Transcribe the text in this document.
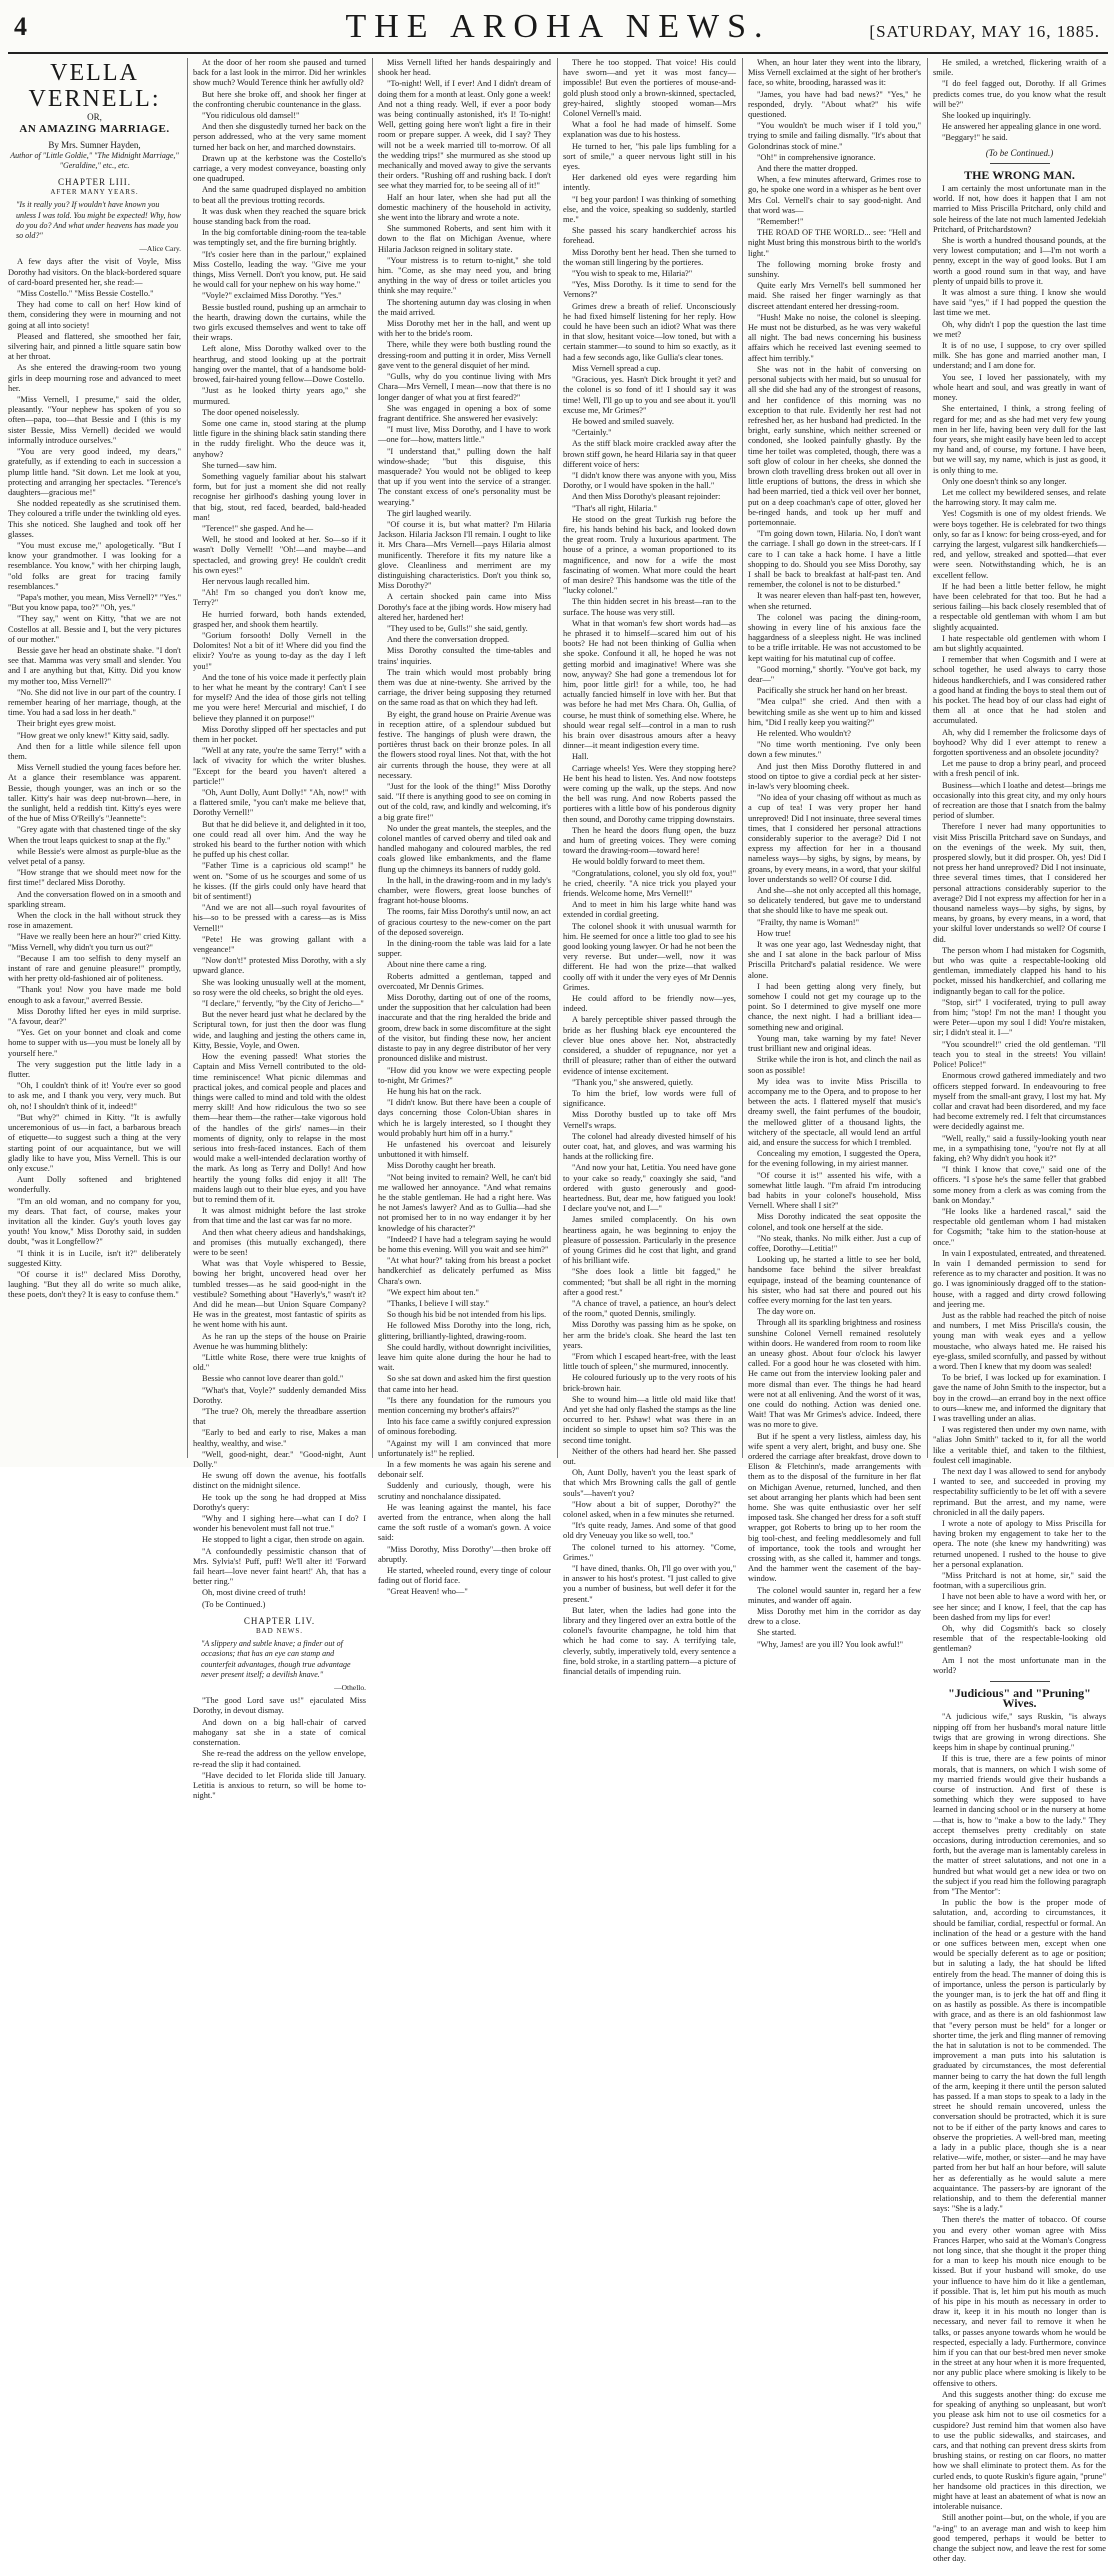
4	THE AROHA NEWS.	[SATURDAY, MAY 16, 1885.
VELLA VERNELL:
OR,
AN AMAZING MARRIAGE.
By Mrs. Sumner Hayden,
Author of "Little Goldie," "The Midnight Marriage," "Geraldine," etc., etc.
CHAPTER LIII.
AFTER MANY YEARS.
"Is it really you? If wouldn't have known you unless I was told. You might be expected! Why, how do you do? And what under heavens has made you so old?"
—Alice Cary.

A few days after the visit of Voyle, Miss Dorothy had visitors. On the black-bordered square of card-board presented her, she read:—

"Miss Costello." "Miss Bessie Costello."

They had come to call on her! How kind of them, considering they were in mourning and not going at all into society!

Pleased and flattered, she smoothed her fair, silvering hair, and pinned a little square satin bow at her throat.

As she entered the drawing-room two young girls in deep mourning rose and advanced to meet her.

"Miss Vernell, I presume," said the older, pleasantly. "Your nephew has spoken of you so often—papa, too—that Bessie and I (this is my sister Bessie, Miss Vernell) decided we would informally introduce ourselves."

"You are very good indeed, my dears," gratefully, as if extending to each in succession a plump little hand. "Sit down. Let me look at you, protecting and arranging her spectacles. "Terence's daughters—gracious me!"

She nodded repeatedly as she scrutinised them. They coloured a trifle under the twinkling old eyes. This she noticed. She laughed and took off her glasses.

"You must excuse me," apologetically. "But I know your grandmother. I was looking for a resemblance. You know," with her chirping laugh, "old folks are great for tracing family resemblances."

"Papa's mother, you mean, Miss Vernell?" "Yes." "But you know papa, too?" "Oh, yes."

"They say," went on Kitty, "that we are not Costellos at all. Bessie and I, but the very pictures of our mother."

Bessie gave her head an obstinate shake. "I don't see that. Mamma was very small and slender. You and I are anything but that, Kitty. Did you know my mother too, Miss Vernell?"

"No. She did not live in our part of the country. I remember hearing of her marriage, though, at the time. You had a sad loss in her death."

Their bright eyes grew moist.

"How great we only knew!" Kitty said, sadly.

And then for a little while silence fell upon them.

Miss Vernell studied the young faces before her. At a glance their resemblance was apparent. Bessie, though younger, was an inch or so the taller. Kitty's hair was deep nut-brown—here, in the sunlight, held a reddish tint. Kitty's eyes were of the hue of Miss O'Reilly's "Jeannette":

"Grey agate with that chastened tinge of the sky When the trout leaps quickest to snap at the fly."

while Bessie's were almost as purple-blue as the velvet petal of a pansy.

"How strange that we should meet now for the first time!" declared Miss Dorothy.

And the conversation flowed on in a smooth and sparkling stream.

When the clock in the hall without struck they rose in amazement.

"Have we really been here an hour?" cried Kitty. "Miss Vernell, why didn't you turn us out?"

"Because I am too selfish to deny myself an instant of rare and genuine pleasure!" promptly, with her pretty old-fashioned air of politeness.

"Thank you! Now you have made me bold enough to ask a favour," averred Bessie.

Miss Dorothy lifted her eyes in mild surprise. "A favour, dear?"

"Yes. Get on your bonnet and cloak and come home to supper with us—you must be lonely all by yourself here."

The very suggestion put the little lady in a flutter.

"Oh, I couldn't think of it! You're ever so good to ask me, and I thank you very, very much. But oh, no! I shouldn't think of it, indeed!"

"But why?" chimed in Kitty. "It is awfully unceremonious of us—in fact, a barbarous breach of etiquette—to suggest such a thing at the very starting point of our acquaintance, but we will gladly like to have you, Miss Vernell. This is our only excuse."

Aunt Dolly softened and brightened wonderfully.

"I'm an old woman, and no company for you, my dears. That fact, of course, makes your invitation all the kinder. Guy's youth loves gay youth! You know," Miss Dorothy said, in sudden doubt, "was it Longfellow?"

"I think it is in Lucile, isn't it?" deliberately suggested Kitty.

"Of course it is!" declared Miss Dorothy, laughing. "But they all do write so much alike, these poets, don't they? It is easy to confuse them."

At the door of her room she paused and turned back for a last look in the mirror. Did her wrinkles show much? Would Terence think her awfully old?

But here she broke off, and shook her finger at the confronting cherubic countenance in the glass.

"You ridiculous old damsel!"

And then she disgustedly turned her back on the person addressed, who at the very same moment turned her back on her, and marched downstairs.

Drawn up at the kerbstone was the Costello's carriage, a very modest conveyance, boasting only one quadruped.

And the same quadruped displayed no ambition to beat all the previous trotting records.

It was dusk when they reached the square brick house standing back from the road.

In the big comfortable dining-room the tea-table was temptingly set, and the fire burning brightly.

"It's cosier here than in the parlour," explained Miss Costello, leading the way. "Give me your things, Miss Vernell. Don't you know, put. He said he would call for your nephew on his way home."

"Voyle?" exclaimed Miss Dorothy. "Yes."

Bessie bustled round, pushing up an armchair to the hearth, drawing down the curtains, while the two girls excused themselves and went to take off their wraps.

Left alone, Miss Dorothy walked over to the hearthrug, and stood looking up at the portrait hanging over the mantel, that of a handsome bold-browed, fair-haired young fellow—Dowe Costello.

"Just as he looked thirty years ago," she murmured.

The door opened noiselessly.

Some one came in, stood staring at the plump little figure in the shining black satin standing there in the ruddy firelight. Who the deuce was it, anyhow?

She turned—saw him.

Something vaguely familiar about his stalwart form, but for just a moment she did not really recognise her girlhood's dashing young lover in that big, stout, red faced, bearded, bald-headed man!

"Terence!" she gasped. And he—

Well, he stood and looked at her. So—so if it wasn't Dolly Vernell! "Oh!—and maybe—and spectacled, and growing grey! He couldn't credit his own eyes!"

Her nervous laugh recalled him.

"Ah! I'm so changed you don't know me, Terry?"

He hurried forward, both hands extended, grasped her, and shook them heartily.

"Gorium forsooth! Dolly Vernell in the Dolomites! Not a bit of it! Where did you find the elixir? You're as young to-day as the day I left you!"

And the tone of his voice made it perfectly plain to her what he meant by the contrary! Can't I see for myself? And the idea of those girls not telling me you were here! Mercurial and mischief, I do believe they planned it on purpose!"

Miss Dorothy slipped off her spectacles and put them in her pocket.

"Well at any rate, you're the same Terry!" with a lack of vivacity for which the writer blushes. "Except for the beard you haven't altered a particle!"

"Oh, Aunt Dolly, Aunt Dolly!" "Ah, now!" with a flattered smile, "you can't make me believe that, Dorothy Vernell!"

But that he did believe it, and delighted in it too, one could read all over him. And the way he stroked his beard to the further notion with which he puffed up his chest collar.

"Father Time is a capricious old scamp!" he went on. "Some of us he scourges and some of us he kisses. (If the girls could only have heard that bit of sentiment!)

"And we are not all—such royal favourites of his—so to be pressed with a caress—as is Miss Vernell!"

"Pete! He was growing gallant with a vengeance!"

"Now don't!" protested Miss Dorothy, with a sly upward glance.

She was looking unusually well at the moment, so rosy were the old cheeks, so bright the old eyes.

"I declare," fervently, "by the City of Jericho—"

But the never heard just what he declared by the Scriptural town, for just then the door was flung wide, and laughing and jesting the others came in, Kitty, Bessie, Voyle, and Owen.

How the evening passed! What stories the Captain and Miss Vernell contributed to the old-time reminiscence! What picnic dilemmas and practical jokes, and comical people and places and things were called to mind and told with the oldest merry skill! And how ridiculous the two so see them—hear them—the rather—take vigorous hold of the handles of the girls' names—in their moments of dignity, only to relapse in the most serious into fresh-faced instances. Each of them would make a well-intended declaration worthy of the mark. As long as Terry and Dolly! And how heartily the young folks did enjoy it all! The maidens laugh out to their blue eyes, and you have but to remind them of it.

It was almost midnight before the last stroke from that time and the last car was far no more.

And then what cheery adieus and handshakings, and promises (this mutually exchanged), there were to be seen!

What was that Voyle whispered to Bessie, bowing her bright, uncovered head over her tumbled tresses—as he said good-night in the vestibule? Something about "Haverly's," wasn't it? And did he mean—but Union Square Company? He was in the greatest, most fantastic of spirits as he went home with his aunt.

As he ran up the steps of the house on Prairie Avenue he was humming blithely:

"Little white Rose, there were true knights of old."

Bessie who cannot love dearer than gold."

"What's that, Voyle?" suddenly demanded Miss Dorothy.

"The true? Oh, merely the threadbare assertion that

"Early to bed and early to rise, Makes a man healthy, wealthy, and wise."

"Well, good-night, dear." "Good-night, Aunt Dolly."

He swung off down the avenue, his footfalls distinct on the midnight silence.

He took up the song he had dropped at Miss Dorothy's query:

"Why and I sighing here—what can I do? I wonder his benevolent must fall not true."

He stopped to light a cigar, then strode on again.

"A confoundedly pessimistic chanson that of Mrs. Sylvia's! Puff, puff! We'll alter it! 'Forward fail heart—love never faint heart!' Ah, that has a better ring."

Oh, most divine creed of truth!

(To be Continued.)

CHAPTER LIV.
BAD NEWS.
"A slippery and subtle knave; a finder out of occasions; that has an eye can stamp and counterfeit advantages, though true advantage never present itself; a devilish knave."
—Othello.

"The good Lord save us!" ejaculated Miss Dorothy, in devout dismay.

And down on a big hall-chair of carved mahogany sat she in a state of comical consternation.

She re-read the address on the yellow envelope, re-read the slip it had contained.

"Have decided to let Florida slide till January. Letitia is anxious to return, so will be home to-night."

Miss Vernell lifted her hands despairingly and shook her head.

"To-night! Well, if I ever! And I didn't dream of doing them for a month at least. Only gone a week! And not a thing ready. Well, if ever a poor body was being continually astonished, it's I! To-night! Well, getting going here won't light a fire in their room or prepare supper. A week, did I say? They will not be a week married till to-morrow. Of all the wedding trips!" she murmured as she stood up mechanically and moved away to give the servants their orders. "Rushing off and rushing back. I don't see what they married for, to be seeing all of it!"

Half an hour later, when she had put all the domestic machinery of the household in activity, she went into the library and wrote a note.

She summoned Roberts, and sent him with it down to the flat on Michigan Avenue, where Hilaria Jackson reigned in solitary state.

"Your mistress is to return to-night," she told him. "Come, as she may need you, and bring anything in the way of dress or toilet articles you think she may require."

The shortening autumn day was closing in when the maid arrived.

Miss Dorothy met her in the hall, and went up with her to the bride's room.

There, while they were both bustling round the dressing-room and putting it in order, Miss Vernell gave vent to the general disquiet of her mind.

"Gulls, why do you continue living with Mrs Chara—Mrs Vernell, I mean—now that there is no longer danger of what you at first feared?"

She was engaged in opening a box of some fragrant dentifrice. She answered her evasively:

"I must live, Miss Dorothy, and I have to work—one for—how, matters little."

"I understand that," pulling down the half window-shade; "but this disguise, this masquerade? You would not be obliged to keep that up if you went into the service of a stranger. The constant excess of one's personality must be wearying."

The girl laughed wearily.

"Of course it is, but what matter? I'm Hilaria Jackson. Hilaria Jackson I'll remain. I ought to like it. Mrs Chara—Mrs Vernell—pays Hilaria almost munificently. Therefore it fits my nature like a glove. Cleanliness and merriment are my distinguishing characteristics. Don't you think so, Miss Dorothy?"

A certain shocked pain came into Miss Dorothy's face at the jibing words. How misery had altered her, hardened her!

"They used to be, Gulls!" she said, gently.

And there the conversation dropped.

Miss Dorothy consulted the time-tables and trains' inquiries.

The train which would most probably bring them was due at nine-twenty. She arrived by the carriage, the driver being supposing they returned on the same road as that on which they had left.

By eight, the grand house on Prairie Avenue was in reception attire, of a splendour subdued but festive. The hangings of plush were drawn, the portières thrust back on their bronze poles. In all the flowers stood royal lines. Not that, with the hot air currents through the house, they were at all necessary.

"Just for the look of the thing!" Miss Dorothy said. "If there is anything good to see on coming in out of the cold, raw, and kindly and welcoming, it's a big grate fire!"

No under the great mantels, the steeples, and the colonel mantles of carved oberry and tiled oak and handled mahogany and coloured marbles, the red coals glowed like embankments, and the flame flung up the chimneys its banners of ruddy gold.

In the hall, in the drawing-room and in my lady's chamber, were flowers, great loose bunches of fragrant hot-house blooms.

The rooms, fair Miss Dorothy's until now, an act of gracious courtesy to the new-comer on the part of the deposed sovereign.

In the dining-room the table was laid for a late supper.

About nine there came a ring.

Roberts admitted a gentleman, tapped and overcoated, Mr Dennis Grimes.

Miss Dorothy, darting out of one of the rooms, under the supposition that her calculation had been inaccurate and that the ring heralded the bride and groom, drew back in some discomfiture at the sight of the visitor, but finding these now, her ancient distaste to pay in any degree distributor of her very pronounced dislike and mistrust.

"How did you know we were expecting people to-night, Mr Grimes?"

He hung his hat on the rack.

"I didn't know. But there have been a couple of days concerning those Colon-Ubian shares in which he is largely interested, so I thought they would probably hurt him off in a hurry."

He unfastened his overcoat and leisurely unbuttoned it with himself.

Miss Dorothy caught her breath.

"Not being invited to remain? Well, he can't bid me wallowed her annoyance. "And what remains he the stable gentleman. He had a right here. Was he not James's lawyer? And as to Gullia—had she not promised her to in no way endanger it by her knowledge of his character?"

"Indeed? I have had a telegram saying he would be home this evening. Will you wait and see him?"

"At what hour?" taking from his breast a pocket handkerchief as delicately perfumed as Miss Chara's own.

"We expect him about ten."

"Thanks, I believe I will stay."

So though his bid be not intended from his lips.

He followed Miss Dorothy into the long, rich, glittering, brilliantly-lighted, drawing-room.

She could hardly, without downright incivilities, leave him quite alone during the hour he had to wait.

So she sat down and asked him the first question that came into her head.

"Is there any foundation for the rumours you mention concerning my brother's affairs?"

Into his face came a swiftly conjured expression of ominous foreboding.

"Against my will I am convinced that more unfortunately is!" he replied.

In a few moments he was again his serene and debonair self.

Suddenly and curiously, though, were his scrutiny and nonchalance dissipated.

He was leaning against the mantel, his face averted from the entrance, when along the hall came the soft rustle of a woman's gown. A voice said:

"Miss Dorothy, Miss Dorothy"—then broke off abruptly.

He started, wheeled round, every tinge of colour fading out of florid face.

"Great Heaven! who—"

There he too stopped. That voice! His could have sworn—and yet it was most fancy—impossible! But even the portieres of mouse-and-gold plush stood only a brown-skinned, spectacled, grey-haired, slightly stooped woman—Mrs Colonel Vernell's maid.

What a fool he had made of himself. Some explanation was due to his hostess.

He turned to her, "his pale lips fumbling for a sort of smile," a queer nervous light still in his eyes.

Her darkened old eyes were regarding him intently.

"I beg your pardon! I was thinking of something else, and the voice, speaking so suddenly, startled me."

She passed his scary handkerchief across his forehead.

Miss Dorothy bent her head. Then she turned to the woman still lingering by the portieres.

"You wish to speak to me, Hilaria?"

"Yes, Miss Dorothy. Is it time to send for the Vernons?"

Grimes drew a breath of relief. Unconsciously he had fixed himself listening for her reply. How could he have been such an idiot? What was there in that slow, hesitant voice—low toned, but with a certain stammer—to sound to him so exactly, as it had a few seconds ago, like Gullia's clear tones.

Miss Vernell spread a cup.

"Gracious, yes. Hasn't Dick brought it yet? and the colonel is so fond of it! I should say it was time! Well, I'll go up to you and see about it. you'll excuse me, Mr Grimes?"

He bowed and smiled suavely.

"Certainly."

As the stiff black moire crackled away after the brown stiff gown, he heard Hilaria say in that queer different voice of hers:

"I didn't know there was anyone with you, Miss Dorothy, or I would have spoken in the hall."

And then Miss Dorothy's pleasant rejoinder:

"That's all right, Hilaria."

He stood on the great Turkish rug before the fire, his hands behind his back, and looked down the great room. Truly a luxurious apartment. The house of a prince, a woman proportioned to its magnificence, and now for a wife the most fascinating of women. What more could the heart of man desire? This handsome was the title of the "lucky colonel."

The thin hidden secret in his breast—ran to the surface. The house was very still.

What in that woman's few short words had—as he phrased it to himself—scared him out of his boots? He had not been thinking of Gullia when she spoke. Confound it all, he hoped he was not getting morbid and imaginative! Where was she now, anyway? She had gone a tremendous lot for him, poor little girl! for a while, too, he had actually fancied himself in love with her. But that was before he had met Mrs Chara. Oh, Gullia, of course, he must think of something else. Where, he should wear regal self—control in a man to rush his brain over disastrous amours after a heavy dinner—it meant indigestion every time.

Hall.

Carriage wheels! Yes. Were they stopping here? He bent his head to listen. Yes. And now footsteps were coming up the walk, up the steps. And now the bell was rung. And now Roberts passed the portieres with a little bow of his ponderous dignity then sound, and Dorothy came tripping downstairs.

Then he heard the doors flung open, the buzz and hum of greeting voices. They were coming toward the drawing-room—toward here!

He would boldly forward to meet them.

"Congratulations, colonel, you sly old fox, you!" he cried, cheerily. "A nice trick you played your friends. Welcome home, Mrs Vernell!"

And to meet in him his large white hand was extended in cordial greeting.

The colonel shook it with unusual warmth for him. He seemed for once a little too glad to see his good looking young lawyer. Or had he not been the very reverse. But under—well, now it was different. He had won the prize—that walked coolly off with it under the very eyes of Mr Dennis Grimes.

He could afford to be friendly now—yes, indeed.

A barely perceptible shiver passed through the bride as her flushing black eye encountered the clever blue ones above her. Not, abstractedly considered, a shudder of repugnance, nor yet a thrill of pleasure; rather than of either the outward evidence of intense excitement.

"Thank you," she answered, quietly.

To him the brief, low words were full of significance.

Miss Dorothy bustled up to take off Mrs Vernell's wraps.

The colonel had already divested himself of his outer coat, hat, and gloves, and was warming his hands at the rollicking fire.

"And now your hat, Letitia. You need have gone to your cake so ready," coaxingly she said, "and ordered with gusto generously and good-heartedness. But, dear me, how fatigued you look! I declare you've not, and I—"

James smiled complacently. On his own heartiness again, he was beginning to enjoy the pleasure of possession. Particularly in the presence of young Grimes did he cost that light, and grand of his brilliant wife.

"She does look a little bit fagged," he commented; "but shall be all right in the morning after a good rest."

"A chance of travel, a patience, an hour's delect of the room," quoted Dennis, smilingly.

Miss Dorothy was passing him as he spoke, on her arm the bride's cloak. She heard the last ten years.

"From which I escaped heart-free, with the least little touch of spleen," she murmured, innocently.

He coloured furiously up to the very roots of his brick-brown hair.

She to wound him—a little old maid like that! And yet she had only flashed the stamps as the line occurred to her. Pshaw! what was there in an incident so simple to upset him so? This was the second time tonight.

Neither of the others had heard her. She passed out.

Oh, Aunt Dolly, haven't you the least spark of that which Mrs Browning calls the gall of gentle souls"—haven't you?

"How about a bit of supper, Dorothy?" the colonel asked, when in a few minutes she returned.

"It's quite ready, James. And some of that good old dry Veneuay you like so well, too."

The colonel turned to his attorney. "Come, Grimes."

"I have dined, thanks. Oh, I'll go over with you," in answer to his host's protest. "I just called to give you a number of business, but well defer it for the present."

But later, when the ladies had gone into the library and they lingered over an extra bottle of the colonel's favourite champagne, he told him that which he had come to say. A terrifying tale, cleverly, subtly, imperatively told, every sentence a fine, bold stroke, in a startling pattern—a picture of financial details of impending ruin.

When, an hour later they went into the library, Miss Vernell exclaimed at the sight of her brother's face, so white, brooding, harassed was it:

"James, you have had bad news?" "Yes," he responded, dryly. "About what?" his wife questioned.

"You wouldn't be much wiser if I told you," trying to smile and failing dismally. "It's about that Golondrinas stock of mine."

"Oh!" in comprehensive ignorance.

And there the matter dropped.

When, a few minutes afterward, Grimes rose to go, he spoke one word in a whisper as he bent over Mrs Col. Vernell's chair to say good-night. And that word was—

"Remember!"

THE ROAD OF THE WORLD... see: "Hell and night Must bring this monstrous birth to the world's light."

The following morning broke frosty and sunshiny.

Quite early Mrs Vernell's bell summoned her maid. She raised her finger warningly as that discreet attendant entered her dressing-room.

"Hush! Make no noise, the colonel is sleeping. He must not be disturbed, as he was very wakeful all night. The bad news concerning his business affairs which he received last evening seemed to affect him terribly."

She was not in the habit of conversing on personal subjects with her maid, but so unusual for all she did she had any of the strongest of reasons, and her confidence of this morning was no exception to that rule. Evidently her rest had not refreshed her, as her husband had predicted. In the bright, early sunshine, which neither screened or condoned, she looked painfully ghastly. By the time her toilet was completed, though, there was a soft glow of colour in her cheeks, she donned the brown cloth travelling dress broken out all over in little eruptions of buttons, the dress in which she had been married, tied a thick veil over her bonnet, put on a deep coachman's cape of otter, gloved her be-ringed hands, and took up her muff and portemonnaie.

"I'm going down town, Hilaria. No, I don't want the carriage. I shall go down in the street-cars. If I care to I can take a hack home. I have a little shopping to do. Should you see Miss Dorothy, say I shall be back to breakfast at half-past ten. And remember, the colonel is not to be disturbed."

It was nearer eleven than half-past ten, however, when she returned.

The colonel was pacing the dining-room, showing in every line of his anxious face the haggardness of a sleepless night. He was inclined to be a trifle irritable. He was not accustomed to be kept waiting for his matutinal cup of coffee.

"Good morning," shortly. "You've got back, my dear—"

Pacifically she struck her hand on her breast.

"Mea culpa!" she cried. And then with a bewitching smile as she went up to him and kissed him, "Did I really keep you waiting?"

He relented. Who wouldn't?

"No time worth mentioning. I've only been down a few minutes."

And just then Miss Dorothy fluttered in and stood on tiptoe to give a cordial peck at her sister-in-law's very blooming cheek.

"No idea of your chasing off without as much as a cup of tea! I was very proper her hand unreproved! Did I not insinuate, three several times times, that I considered her personal attractions considerably superior to the average? Did I not express my affection for her in a thousand nameless ways—by sighs, by signs, by means, by groans, by every means, in a word, that your skilful lover understands so well? Of course I did.

And she—she not only accepted all this homage, so delicately tendered, but gave me to understand that she should like to have me speak out.

"Frailty, thy name is Woman!"

How true!

It was one year ago, last Wednesday night, that she and I sat alone in the back parlour of Miss Priscilla Pritchard's palatial residence. We were alone.

I had been getting along very finely, but somehow I could not get my courage up to the point. So I determined to give myself one more chance, the next night. I had a brilliant idea—something new and original.

Young man, take warning by my fate! Never trust brilliant new and original ideas.

Strike while the iron is hot, and clinch the nail as soon as possible!

My idea was to invite Miss Priscilla to accompany me to the Opera, and to propose to her between the acts. I flattered myself that music's dreamy swell, the faint perfumes of the boudoir, the mellowed glitter of a thousand lights, the witchery of the spectacle, all would lend an artful aid, and ensure the success for which I trembled.

Concealing my emotion, I suggested the Opera, for the evening following, in my airiest manner.

"Of course it is!" assented his wife, with a somewhat little laugh. "I'm afraid I'm introducing bad habits in your colonel's household, Miss Vernell. Where shall I sit?"

Miss Dorothy indicated the seat opposite the colonel, and took one herself at the side.

"No steak, thanks. No milk either. Just a cup of coffee, Dorothy—Letitia!"

Looking up, he started a little to see her bold, handsome face behind the silver breakfast equipage, instead of the beaming countenance of his sister, who had sat there and poured out his coffee every morning for the last ten years.

The day wore on.

Through all its sparkling brightness and rosiness sunshine Colonel Vernell remained resolutely within doors. He wandered from room to room like an uneasy ghost. About four o'clock his lawyer called. For a good hour he was closeted with him. He came out from the interview looking paler and more dismal than ever. The things he had heard were not at all enlivening. And the worst of it was, one could do nothing. Action was denied one. Wait! That was Mr Grimes's advice. Indeed, there was no more to give.

But if he spent a very listless, aimless day, his wife spent a very alert, bright, and busy one. She ordered the carriage after breakfast, drove down to Elison & Fletchinn's, made arrangements with them as to the disposal of the furniture in her flat on Michigan Avenue, returned, lunched, and then set about arranging her plants which had been sent home. She was quite enthusiastic over her self imposed task. She changed her dress for a soft stuff wrapper, got Roberts to bring up to her room the big tool-chest, and feeling meddlesomely and full of importance, took the tools and wrought her crossing with, as she called it, hammer and tongs. And the hammer went the casement of the bay-window.

The colonel would saunter in, regard her a few minutes, and wander off again.

Miss Dorothy met him in the corridor as day drew to a close.

She started.

"Why, James! are you ill? You look awful!"

He smiled, a wretched, flickering wraith of a smile.

"I do feel fagged out, Dorothy. If all Grimes predicts comes true, do you know what the result will be?"

She looked up inquiringly.

He answered her appealing glance in one word.

"Beggary!" he said.

(To be Continued.)
THE WRONG MAN.

I am certainly the most unfortunate man in the world. If not, how does it happen that I am not married to Miss Priscilla Pritchard, only child and sole heiress of the late not much lamented Jedekiah Pritchard, of Pritchardstown?

She is worth a hundred thousand pounds, at the very lowest computation; and I—I'm not worth a penny, except in the way of good looks. But I am worth a good round sum in that way, and have plenty of unpaid bills to prove it.

It was almost a sure thing. I know she would have said "yes," if I had popped the question the last time we met.

Oh, why didn't I pop the question the last time we met?

It is of no use, I suppose, to cry over spilled milk. She has gone and married another man, I understand; and I am done for.

You see, I loved her passionately, with my whole heart and soul, and was greatly in want of money.

She entertained, I think, a strong feeling of regard for me; and as she had met very few young men in her life, having been very dull for the last four years, she might easily have been led to accept my hand and, of course, my fortune. I have been, but we will say, my name, which is just as good, it is only thing to me.

Only one doesn't think so any longer.

Let me collect my bewildered senses, and relate the harrowing story. It may calm me.

Yes! Cogsmith is one of my oldest friends. We were boys together. He is celebrated for two things only, so far as I know: for being cross-eyed, and for carrying the largest, vulgarest silk handkerchiefs—red, and yellow, streaked and spotted—that ever were seen. Notwithstanding which, he is an excellent fellow.

If he had been a little better fellow, he might have been celebrated for that too. But he had a serious failing—his back closely resembled that of a respectable old gentleman with whom I am but slightly acquainted.

I hate respectable old gentlemen with whom I am but slightly acquainted.

I remember that when Cogsmith and I were at school together, he used always to carry those hideous handkerchiefs, and I was considered rather a good hand at finding the boys to steal them out of his pocket. The head boy of our class had eight of them all at once that he had stolen and accumulated.

Ah, why did I remember the frolicsome days of boyhood? Why did I ever attempt to renew a forgotten sportiveness and an obsolete jocundity?

Let me pause to drop a briny pearl, and proceed with a fresh pencil of ink.

Business—which I loathe and detest—brings me occasionally into this great city, and my only hours of recreation are those that I snatch from the balmy period of slumber.

Therefore I never had many opportunities to visit Miss Priscilla Pritchard save on Sundays, and on the evenings of the week. My suit, then, prospered slowly, but it did prosper. Oh, yes! Did I not press her hand unreproved? Did I not insinuate, three several times times, that I considered her personal attractions considerably superior to the average? Did I not express my affection for her in a thousand nameless ways—by sighs, by signs, by means, by groans, by every means, in a word, that your skilful lover understands so well? Of course I did.

The person whom I had mistaken for Cogsmith, but who was quite a respectable-looking old gentleman, immediately clapped his hand to his pocket, missed his handkerchief, and collaring me indignantly began to call for the police.

"Stop, sir!" I vociferated, trying to pull away from him; "stop! I'm not the man! I thought you were Peter—upon my soul I did! You're mistaken, sir; I didn't steal it. I—"

"You scoundrel!" cried the old gentleman. "I'll teach you to steal in the streets! You villain! Police! Police!"

Enormous crowd gathered immediately and two officers stepped forward. In endeavouring to free myself from the small-ant gravy, I lost my hat. My collar and cravat had been disordered, and my face had become extremely red. I felt that circumstances were decidedly against me.

"Well, really," said a fussily-looking youth near me, in a sympathising tone, "you're not fly at all faking, eh? Why didn't you hook it?"

"I think I know that cove," said one of the officers. "I s'pose he's the same feller that grabbed some money from a clerk as was coming from the bank on Monday."

"He looks like a hardened rascal," said the respectable old gentleman whom I had mistaken for Cogsmith; "take him to the station-house at once."

In vain I expostulated, entreated, and threatened. In vain I demanded permission to send for reference as to my character and position. It was no go. I was ignominiously dragged off to the station-house, with a ragged and dirty crowd following and jeering me.

Just as the rabble had reached the pitch of noise and numbers, I met Miss Priscilla's cousin, the young man with weak eyes and a yellow moustache, who always hated me. He raised his eye-glass, smiled scornfully, and passed by without a word. Then I knew that my doom was sealed!

To be brief, I was locked up for examination. I gave the name of John Smith to the inspector, but a boy in the crowd—an errand boy in the next office to ours—knew me, and informed the dignitary that I was travelling under an alias.

I was registered then under my own name, with "alias John Smith" tacked to it, for all the world like a veritable thief, and taken to the filthiest, foulest cell imaginable.

The next day I was allowed to send for anybody I wanted to see, and succeeded in proving my respectability sufficiently to be let off with a severe reprimand. But the arrest, and my name, were chronicled in all the daily papers.

I wrote a note of apology to Miss Priscilla for having broken my engagement to take her to the opera. The note (she knew my handwriting) was returned unopened. I rushed to the house to give her a personal explanation.

"Miss Pritchard is not at home, sir," said the footman, with a supercilious grin.

I have not been able to have a word with her, or see her since; and I know, I feel, that the cap has been dashed from my lips for ever!

Oh, why did Cogsmith's back so closely resemble that of the respectable-looking old gentleman?

Am I not the most unfortunate man in the world?

"Judicious" and "Pruning" Wives.

"A judicious wife," says Ruskin, "is always nipping off from her husband's moral nature little twigs that are growing in wrong directions. She keeps him in shape by continual pruning."

If this is true, there are a few points of minor morals, that is manners, on which I wish some of my married friends would give their husbands a course of instruction. And first of these is something which they were supposed to have learned in dancing school or in the nursery at home—that is, how to "make a bow to the lady." They accept themselves pretty creditably on state occasions, during introduction ceremonies, and so forth, but the average man is lamentably careless in the matter of street salutations, and not one in a hundred but what would get a new idea or two on the subject if you read him the following paragraph from "The Mentor":

In public the bow is the proper mode of salutation, and, according to circumstances, it should be familiar, cordial, respectful or formal. An inclination of the head or a gesture with the hand or one suffices between men, except when one would be specially deferent as to age or position; but in saluting a lady, the hat should be lifted entirely from the head. The manner of doing this is of importance, unless the person is particularly by the younger man, is to jerk the hat off and fling it on as hastily as possible. As there is incompatible with grace, and as there is an old fashionmost law that "every person must be held" for a longer or shorter time, the jerk and fling manner of removing the hat in salutation is not to be commended. The improvement a man puts into his salutation is graduated by circumstances, the most deferential manner being to carry the hat down the full length of the arm, keeping it there until the person saluted has passed. If a man stops to speak to a lady in the street he should remain uncovered, unless the conversation should be protracted, which it is sure not to be if either of the party knows and cares to observe the proprieties. A well-bred man, meeting a lady in a public place, though she is a near relative—wife, mother, or sister—and he may have parted from her but half an hour before, will salute her as deferentially as he would salute a mere acquaintance. The passers-by are ignorant of the relationship, and to them the deferential manner says: "She is a lady."

Then there's the matter of tobacco. Of course you and every other woman agree with Miss Frances Harper, who said at the Woman's Congress not long since, that she thought it the proper thing for a man to keep his mouth nice enough to be kissed. But if your husband will smoke, do use your influence to have him do it like a gentleman, if possible. That is, let him put his mouth as much of his pipe in his mouth as necessary in order to draw it, keep it in his mouth no longer than is necessary, and never fail to remove it when he talks, or passes anyone towards whom he would be respected, especially a lady. Furthermore, convince him if you can that our best-bred men never smoke in the street at any hour when it is more frequented, nor any public place where smoking is likely to be offensive to others.

And this suggests another thing: do excuse me for speaking of anything so unpleasant, but won't you please ask him not to use oil cosmetics for a cuspidore? Just remind him that women also have to use the public sidewalks, and staircases, and cars, and that nothing can prevent dress skirts from brushing stains, or resting on car floors, no matter how we shall eliminate to protect them. As for the curled ends, to quote Ruskin's figure again, "prune" her handsome old practices in this direction, we might have at least an abatement of what is now an intolerable nuisance.

Still another point—but, on the whole, if you are "a-ing" to an average man and wish to keep him good tempered, perhaps it would be better to change the subject now, and leave the rest for some other day.
